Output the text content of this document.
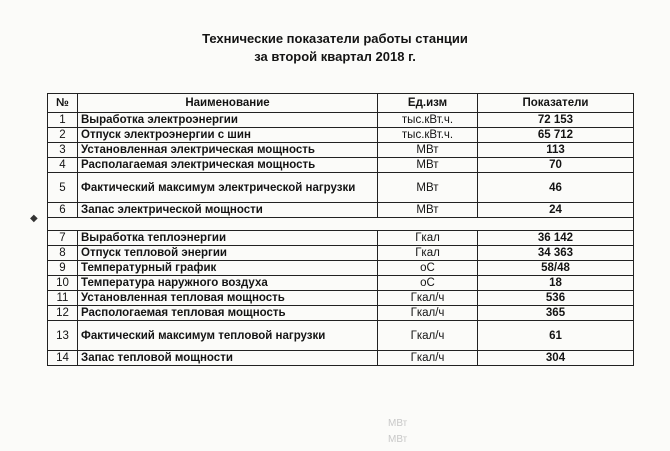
Технические показатели работы станции
за второй квартал 2018 г.
№	Наименование	Ед.изм	Показатели
1	Выработка электроэнергии	тыс.кВт.ч.	72 153
2	Отпуск электроэнергии с шин	тыс.кВт.ч.	65 712
3	Установленная электрическая мощность	МВт	113
4	Располагаемая электрическая мощность	МВт	70
5	Фактический максимум электрической нагрузки	МВт	46
6	Запас электрической мощности	МВт	24

7	Выработка теплоэнергии	Гкал	36 142
8	Отпуск тепловой энергии	Гкал	34 363
9	Температурный график	оС	58/48
10	Температура наружного воздуха	оС	18
11	Установленная тепловая мощность	Гкал/ч	536
12	Распологаемая тепловая мощность	Гкал/ч	365
13	Фактический максимум тепловой нагрузки	Гкал/ч	61
14	Запас тепловой мощности	Гкал/ч	304
◆
МВт
МВт
